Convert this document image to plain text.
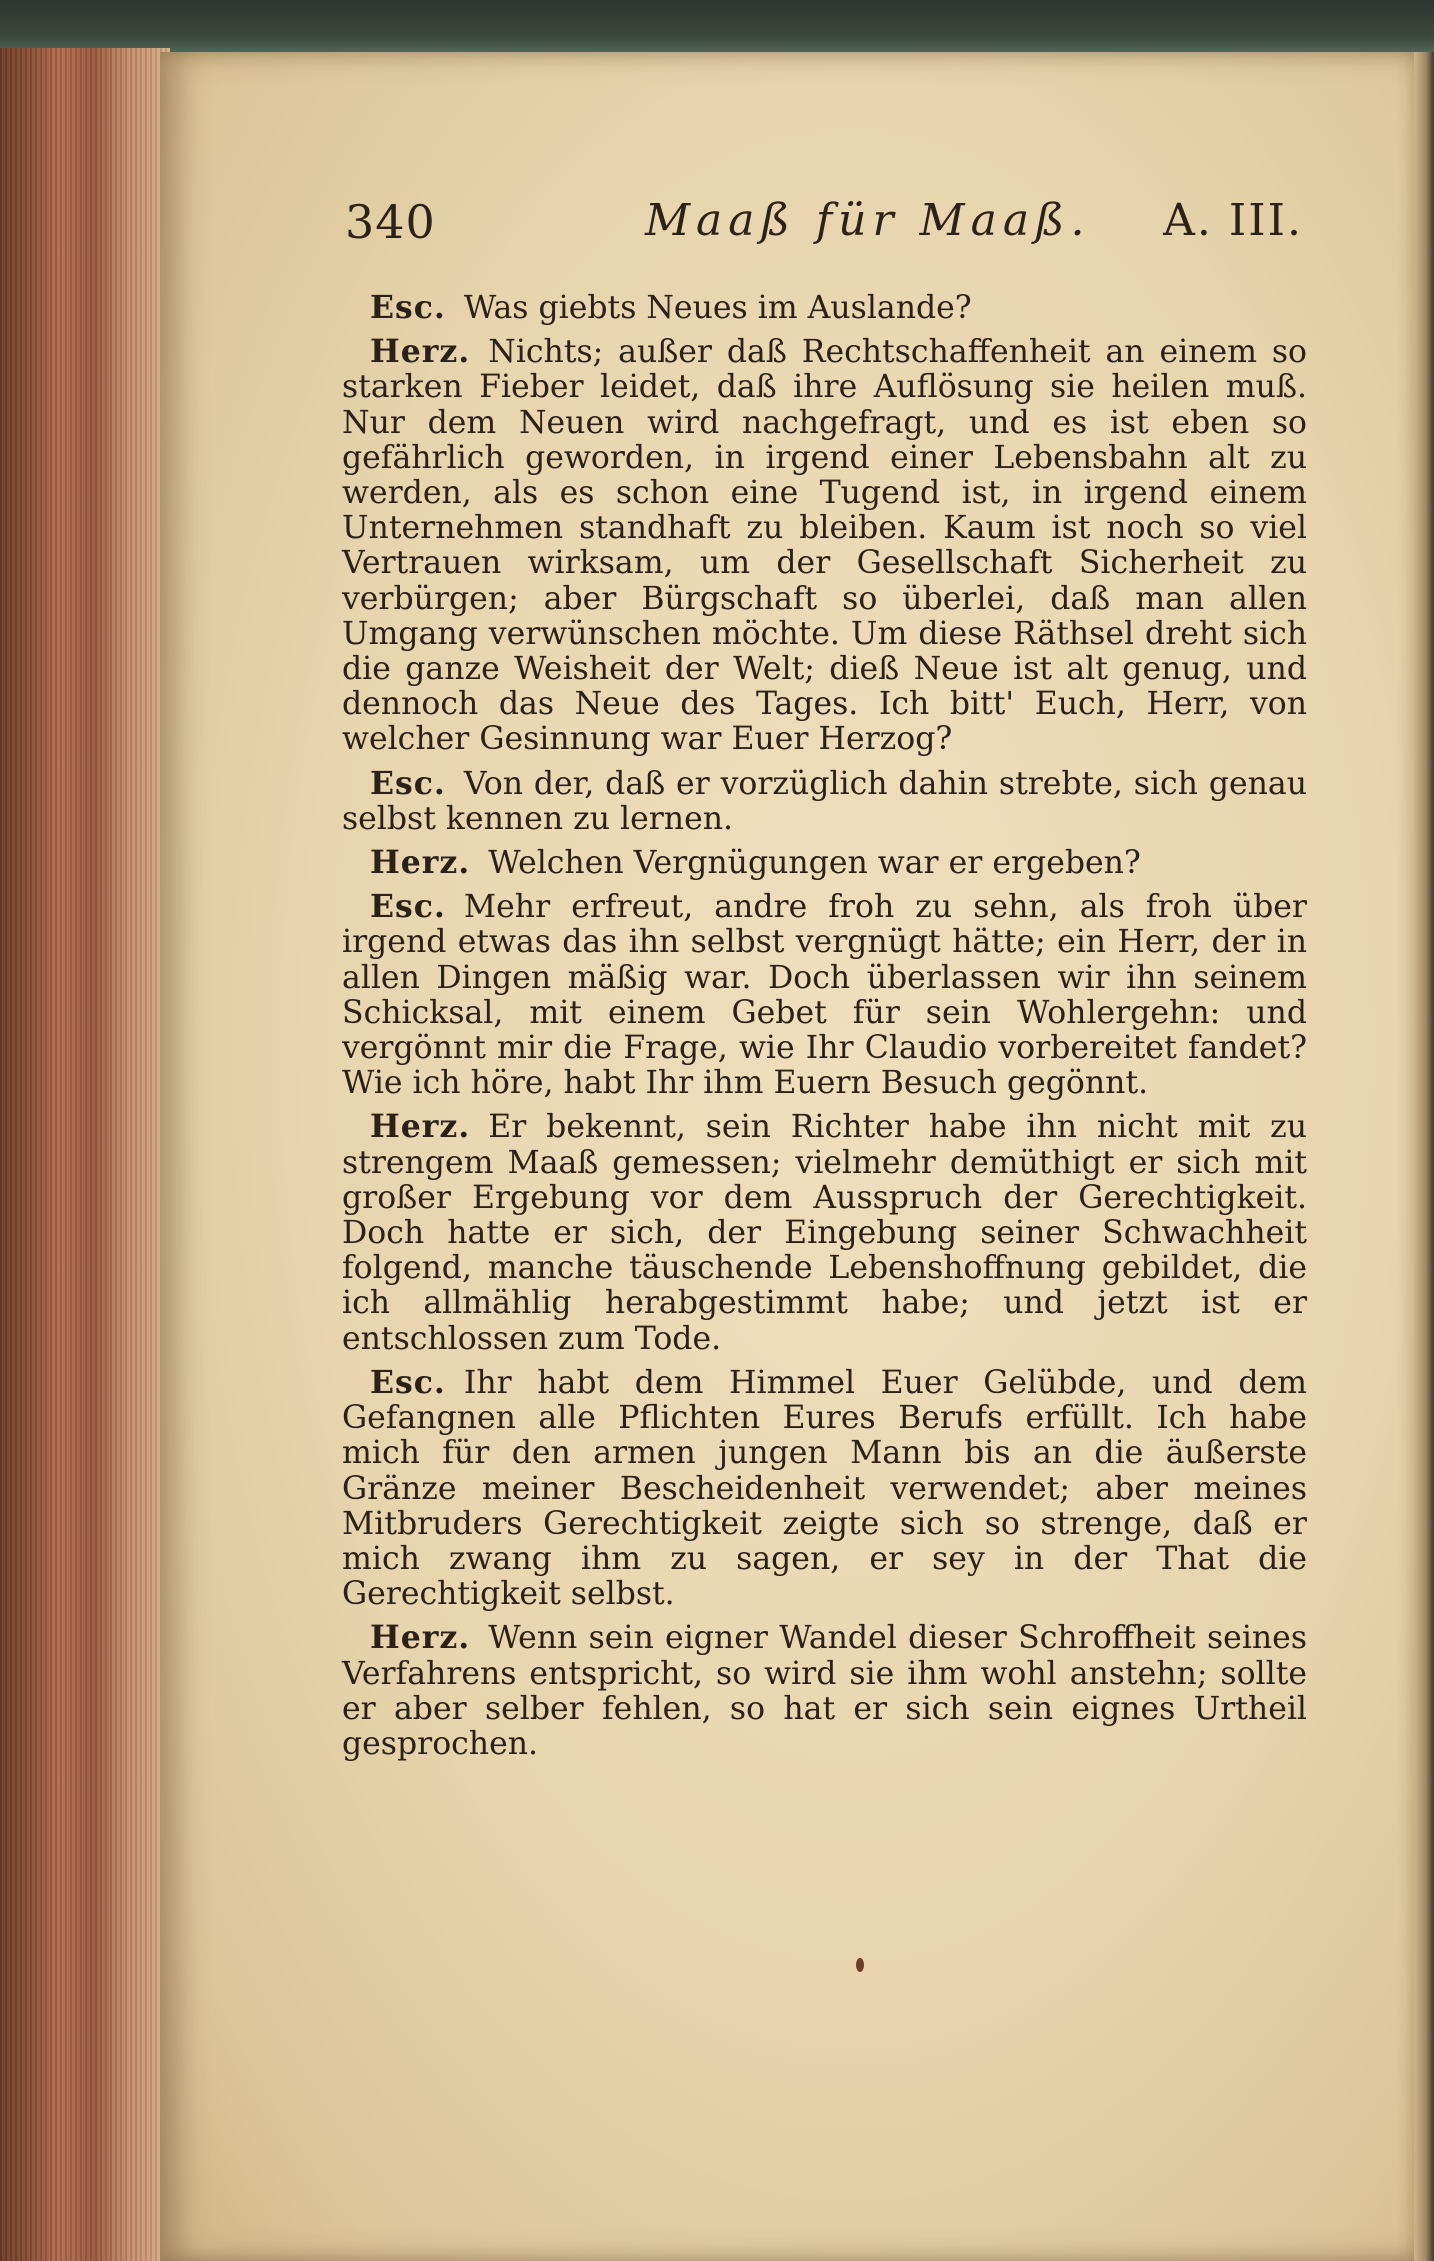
340	Maaß für Maaß. A. III.

Esc. Was giebts Neues im Auslande?

Herz. Nichts; außer daß Rechtschaffenheit an einem so starken Fieber leidet, daß ihre Auflösung sie heilen muß. Nur dem Neuen wird nachgefragt, und es ist eben so gefährlich geworden, in irgend einer Lebensbahn alt zu werden, als es schon eine Tugend ist, in irgend einem Unternehmen standhaft zu bleiben. Kaum ist noch so viel Vertrauen wirksam, um der Gesellschaft Sicherheit zu verbürgen; aber Bürgschaft so überlei, daß man allen Umgang verwünschen möchte. Um diese Räthsel dreht sich die ganze Weisheit der Welt; dieß Neue ist alt genug, und dennoch das Neue des Tages. Ich bitt' Euch, Herr, von welcher Gesinnung war Euer Herzog?

Esc. Von der, daß er vorzüglich dahin strebte, sich genau selbst kennen zu lernen.

Herz. Welchen Vergnügungen war er ergeben?

Esc. Mehr erfreut, andre froh zu sehn, als froh über irgend etwas das ihn selbst vergnügt hätte; ein Herr, der in allen Dingen mäßig war. Doch überlassen wir ihn seinem Schicksal, mit einem Gebet für sein Wohlergehn: und vergönnt mir die Frage, wie Ihr Claudio vorbereitet fandet? Wie ich höre, habt Ihr ihm Euern Besuch gegönnt.

Herz. Er bekennt, sein Richter habe ihn nicht mit zu strengem Maaß gemessen; vielmehr demüthigt er sich mit großer Ergebung vor dem Ausspruch der Gerechtigkeit. Doch hatte er sich, der Eingebung seiner Schwachheit folgend, manche täuschende Lebenshoffnung gebildet, die ich allmählig herabgestimmt habe; und jetzt ist er entschlossen zum Tode.

Esc. Ihr habt dem Himmel Euer Gelübde, und dem Gefangnen alle Pflichten Eures Berufs erfüllt. Ich habe mich für den armen jungen Mann bis an die äußerste Gränze meiner Bescheidenheit verwendet; aber meines Mitbruders Gerechtigkeit zeigte sich so strenge, daß er mich zwang ihm zu sagen, er sey in der That die Gerechtigkeit selbst.

Herz. Wenn sein eigner Wandel dieser Schroffheit seines Verfahrens entspricht, so wird sie ihm wohl anstehn; sollte er aber selber fehlen, so hat er sich sein eignes Urtheil gesprochen.
